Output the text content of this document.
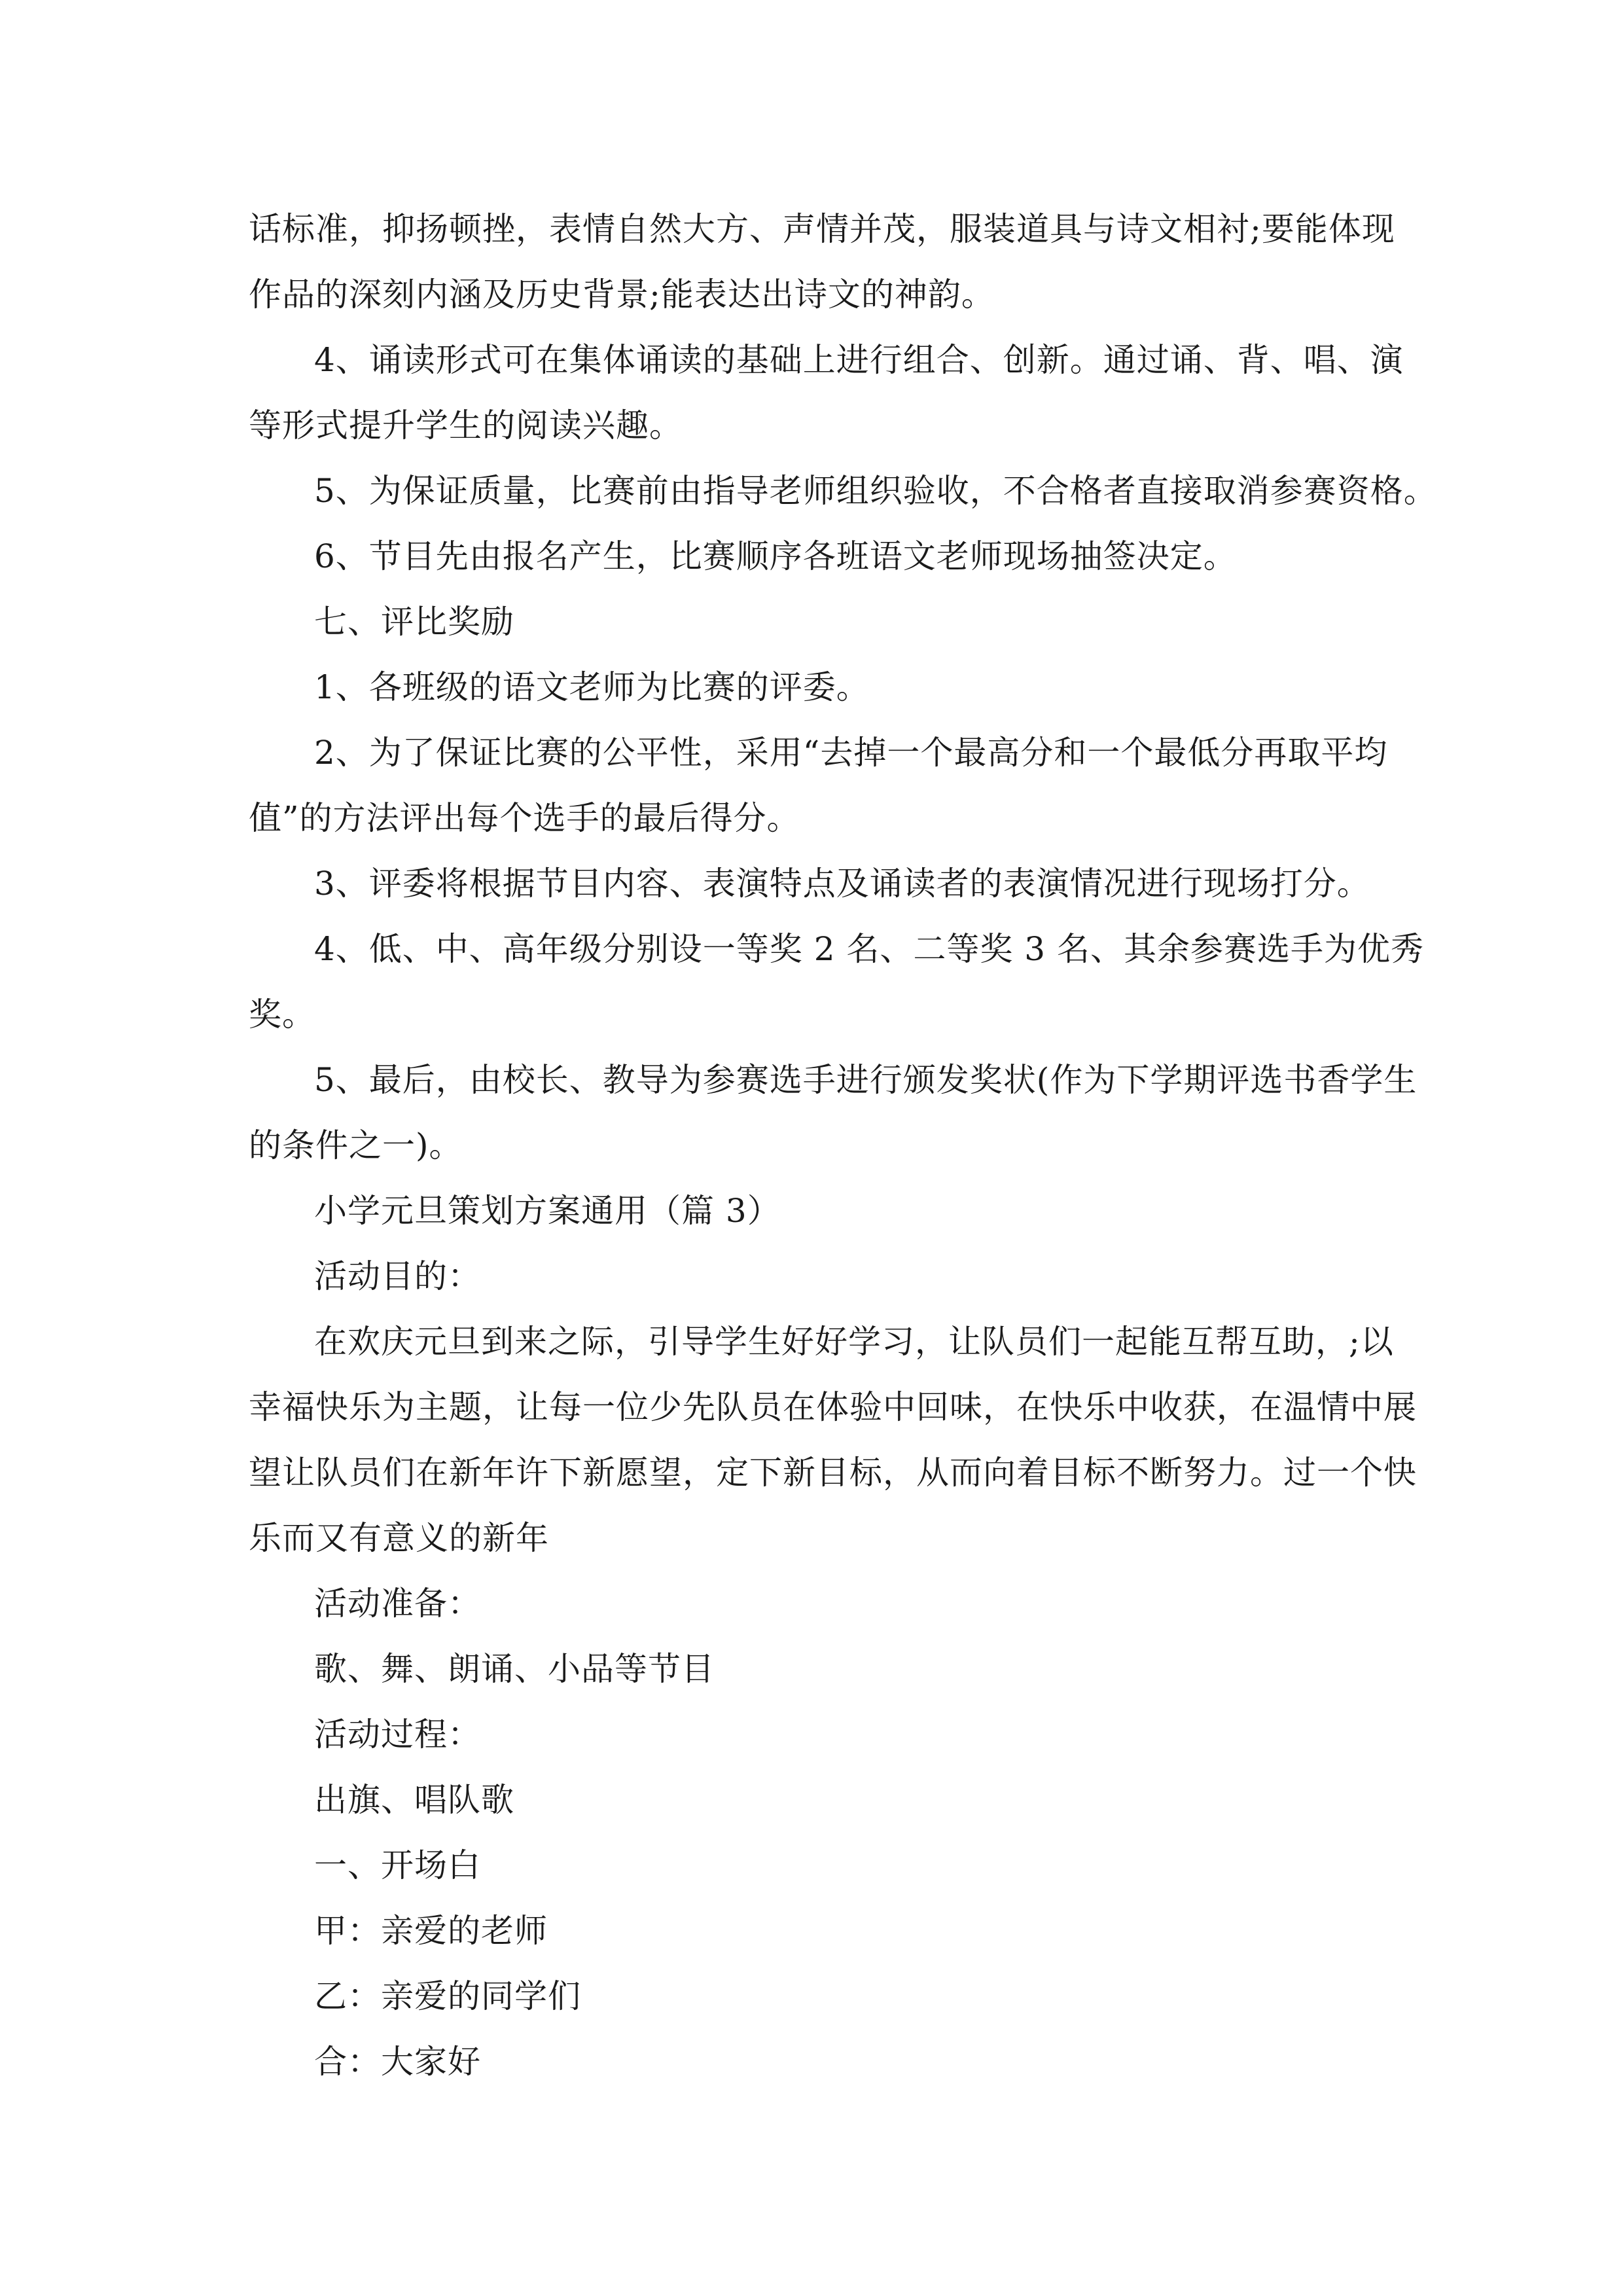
话标准，抑扬顿挫，表情自然大方、声情并茂，服装道具与诗文相衬;要能体现

作品的深刻内涵及历史背景;能表达出诗文的神韵。

4、诵读形式可在集体诵读的基础上进行组合、创新。通过诵、背、唱、演

等形式提升学生的阅读兴趣。

5、为保证质量，比赛前由指导老师组织验收，不合格者直接取消参赛资格。

6、节目先由报名产生，比赛顺序各班语文老师现场抽签决定。

七、评比奖励

1、各班级的语文老师为比赛的评委。

2、为了保证比赛的公平性，采用“去掉一个最高分和一个最低分再取平均

值”的方法评出每个选手的最后得分。

3、评委将根据节目内容、表演特点及诵读者的表演情况进行现场打分。

4、低、中、高年级分别设一等奖 2 名、二等奖 3 名、其余参赛选手为优秀

奖。

5、最后，由校长、教导为参赛选手进行颁发奖状(作为下学期评选书香学生

的条件之一)。

小学元旦策划方案通用（篇 3）

活动目的：

在欢庆元旦到来之际，引导学生好好学习，让队员们一起能互帮互助，;以

幸福快乐为主题，让每一位少先队员在体验中回味，在快乐中收获，在温情中展

望让队员们在新年许下新愿望，定下新目标，从而向着目标不断努力。过一个快

乐而又有意义的新年

活动准备：

歌、舞、朗诵、小品等节目

活动过程：

出旗、唱队歌

一、开场白

甲：亲爱的老师

乙：亲爱的同学们

合：大家好
